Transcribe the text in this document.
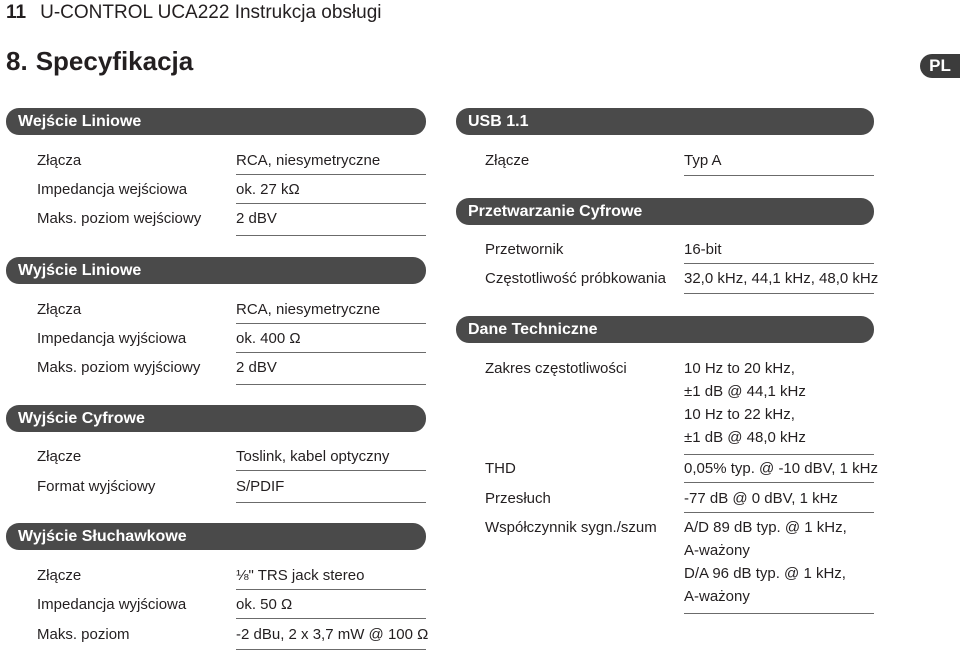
11 U-CONTROL UCA222 Instrukcja obsługi
8. Specyfikacja	PL
Wejście Liniowe
Złącza	RCA, niesymetryczne
Impedancja wejściowa	ok. 27 kΩ
Maks. poziom wejściowy 2 dBV
Wyjście Liniowe
Złącza	RCA, niesymetryczne
Impedancja wyjściowa	ok. 400 Ω
Maks. poziom wyjściowy 2 dBV
Wyjście Cyfrowe
Złącze	Toslink, kabel optyczny
Format wyjściowy	S/PDIF
Wyjście Słuchawkowe
Złącze	⅛" TRS jack stereo
Impedancja wyjściowa	ok. 50 Ω
Maks. poziom	-2 dBu, 2 x 3,7 mW @ 100 Ω
USB 1.1
Złącze	Typ A
Przetwarzanie Cyfrowe
Przetwornik	16-bit
Częstotliwość próbkowania 32,0 kHz, 44,1 kHz, 48,0 kHz
Dane Techniczne
Zakres częstotliwości	10 Hz to 20 kHz,
±1 dB @ 44,1 kHz
10 Hz to 22 kHz,
±1 dB @ 48,0 kHz
THD	0,05% typ. @ -10 dBV, 1 kHz
Przesłuch	-77 dB @ 0 dBV, 1 kHz
Współczynnik sygn./szum A/D 89 dB typ. @ 1 kHz,
A-ważony
D/A 96 dB typ. @ 1 kHz,
A-ważony
